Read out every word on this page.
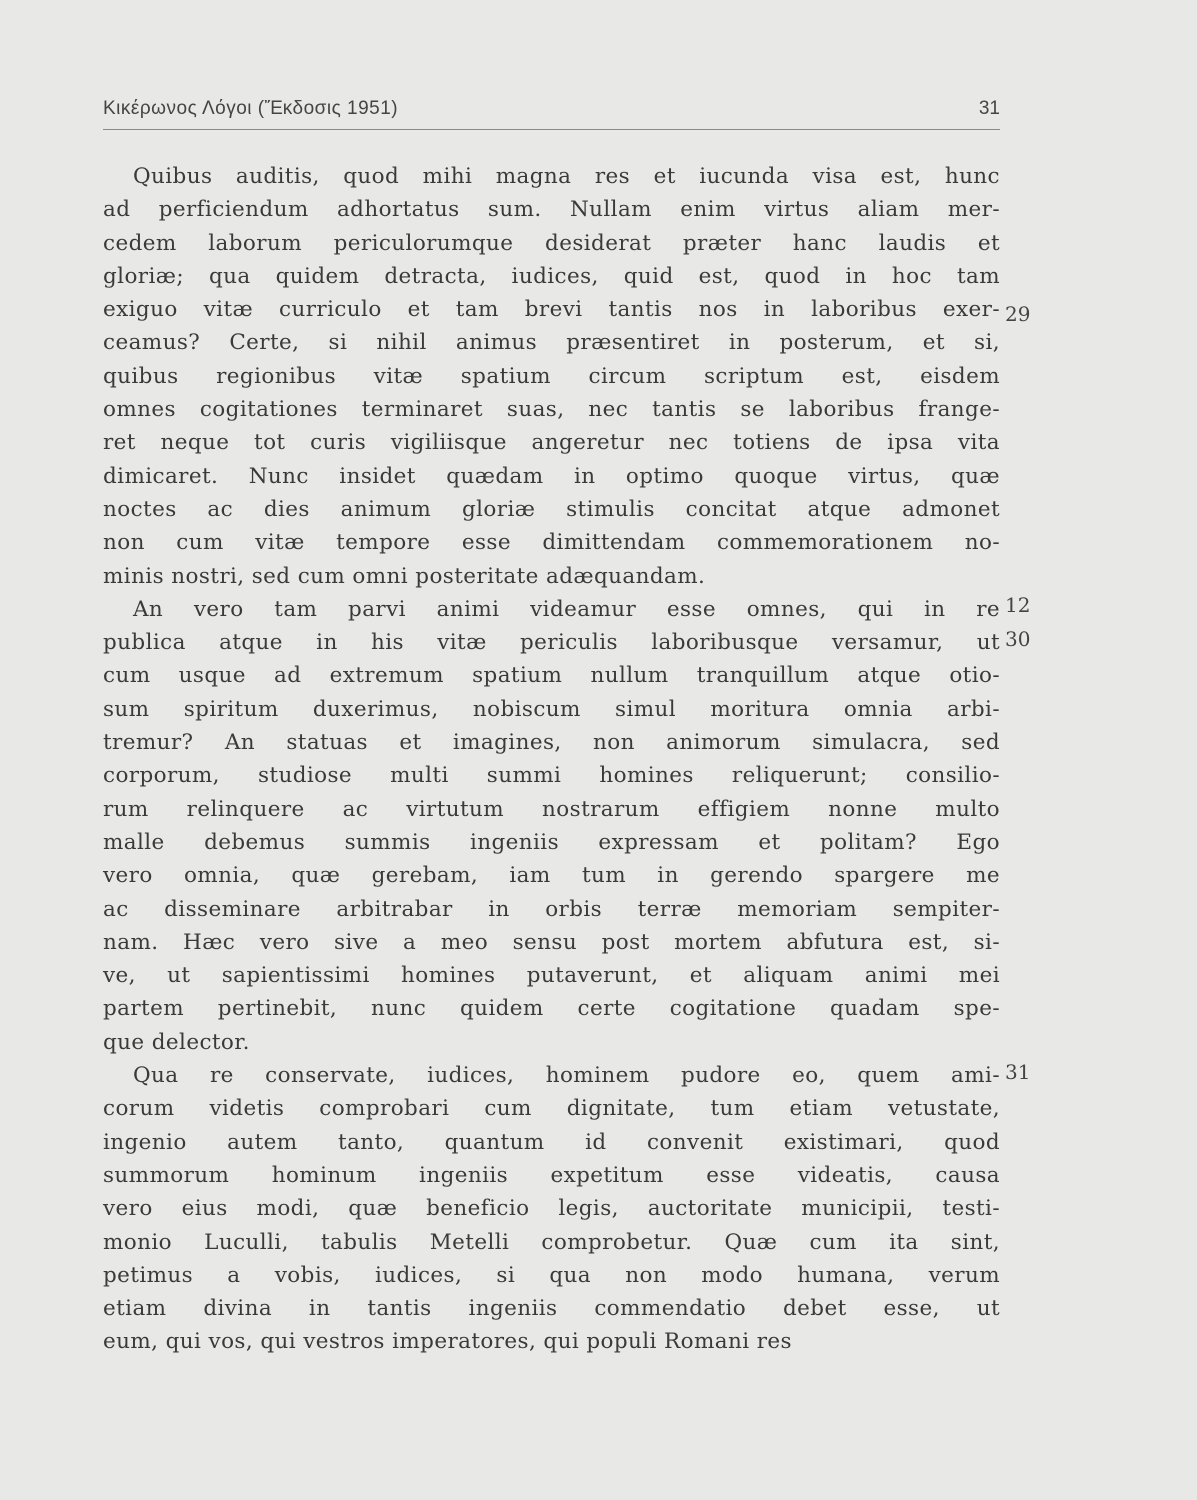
Κικέρωνος Λόγοι (Ἔκδοσις 1951)	31
Quibus auditis, quod mihi magna res et iucunda visa est, hunc
ad perficiendum adhortatus sum. Nullam enim virtus aliam mer-
cedem laborum periculorumque desiderat præter hanc laudis et
gloriæ; qua quidem detracta, iudices, quid est, quod in hoc tam
exiguo vitæ curriculo et tam brevi tantis nos in laboribus exer-
ceamus? Certe, si nihil animus præsentiret in posterum, et si,
quibus regionibus vitæ spatium circum scriptum est, eisdem
omnes cogitationes terminaret suas, nec tantis se laboribus frange-
ret neque tot curis vigiliisque angeretur nec totiens de ipsa vita
dimicaret. Nunc insidet quædam in optimo quoque virtus, quæ
noctes ac dies animum gloriæ stimulis concitat atque admonet
non cum vitæ tempore esse dimittendam commemorationem no-
minis nostri, sed cum omni posteritate adæquandam.
An vero tam parvi animi videamur esse omnes, qui in re
publica atque in his vitæ periculis laboribusque versamur, ut
cum usque ad extremum spatium nullum tranquillum atque otio-
sum spiritum duxerimus, nobiscum simul moritura omnia arbi-
tremur? An statuas et imagines, non animorum simulacra, sed
corporum, studiose multi summi homines reliquerunt; consilio-
rum relinquere ac virtutum nostrarum effigiem nonne multo
malle debemus summis ingeniis expressam et politam? Ego
vero omnia, quæ gerebam, iam tum in gerendo spargere me
ac disseminare arbitrabar in orbis terræ memoriam sempiter-
nam. Hæc vero sive a meo sensu post mortem abfutura est, si-
ve, ut sapientissimi homines putaverunt, et aliquam animi mei
partem pertinebit, nunc quidem certe cogitatione quadam spe-
que delector.
Qua re conservate, iudices, hominem pudore eo, quem ami-
corum videtis comprobari cum dignitate, tum etiam vetustate,
ingenio autem tanto, quantum id convenit existimari, quod
summorum hominum ingeniis expetitum esse videatis, causa
vero eius modi, quæ beneficio legis, auctoritate municipii, testi-
monio Luculli, tabulis Metelli comprobetur. Quæ cum ita sint,
petimus a vobis, iudices, si qua non modo humana, verum
etiam divina in tantis ingeniis commendatio debet esse, ut
eum, qui vos, qui vestros imperatores, qui populi Romani res
29
12
30
31
